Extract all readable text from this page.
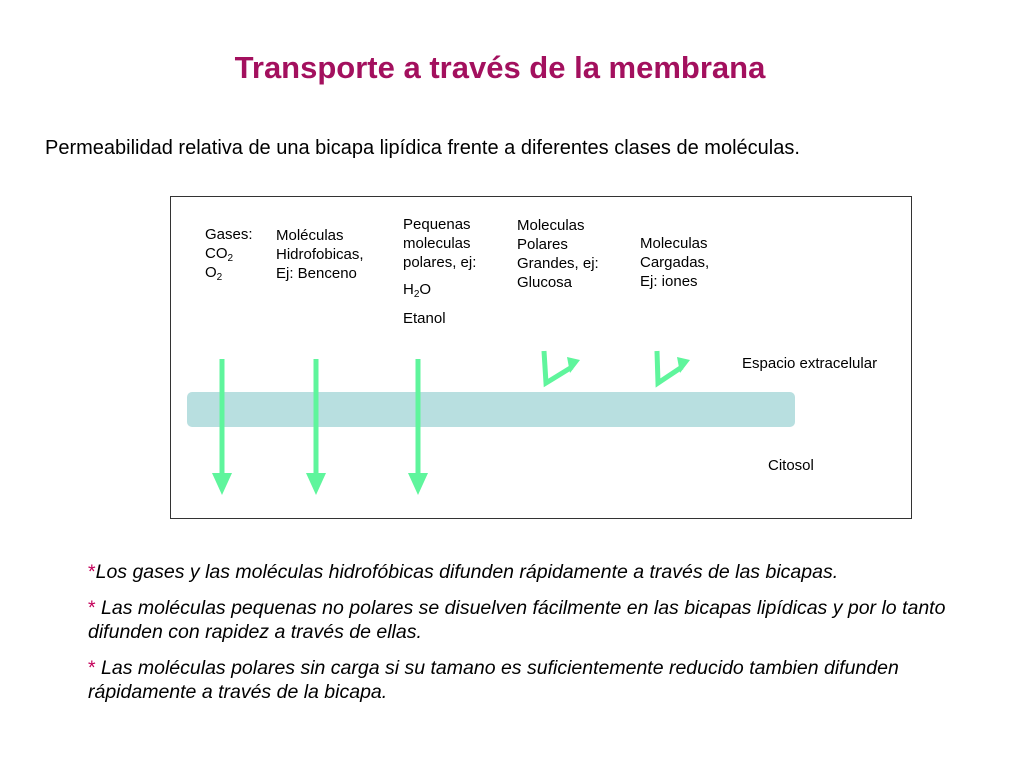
Transporte a través de la membrana
Permeabilidad relativa de una bicapa lipídica frente a diferentes clases de moléculas.
Gases:
$CO_2$
$O_2$
Moléculas
Hidrofobicas,
Ej: Benceno
Pequenas
moleculas
polares, ej:
$H_2O$
Etanol
Moleculas
Polares
Grandes, ej:
Glucosa
Moleculas
Cargadas,
Ej: iones
Espacio extracelular
Citosol

*Los gases y las moléculas hidrofóbicas difunden rápidamente a través de las bicapas.

* Las moléculas pequenas no polares se disuelven fácilmente en las bicapas lipídicas y por lo tanto difunden con rapidez a través de ellas.

* Las moléculas polares sin carga si su tamano es suficientemente reducido tambien difunden rápidamente a través de la bicapa.
